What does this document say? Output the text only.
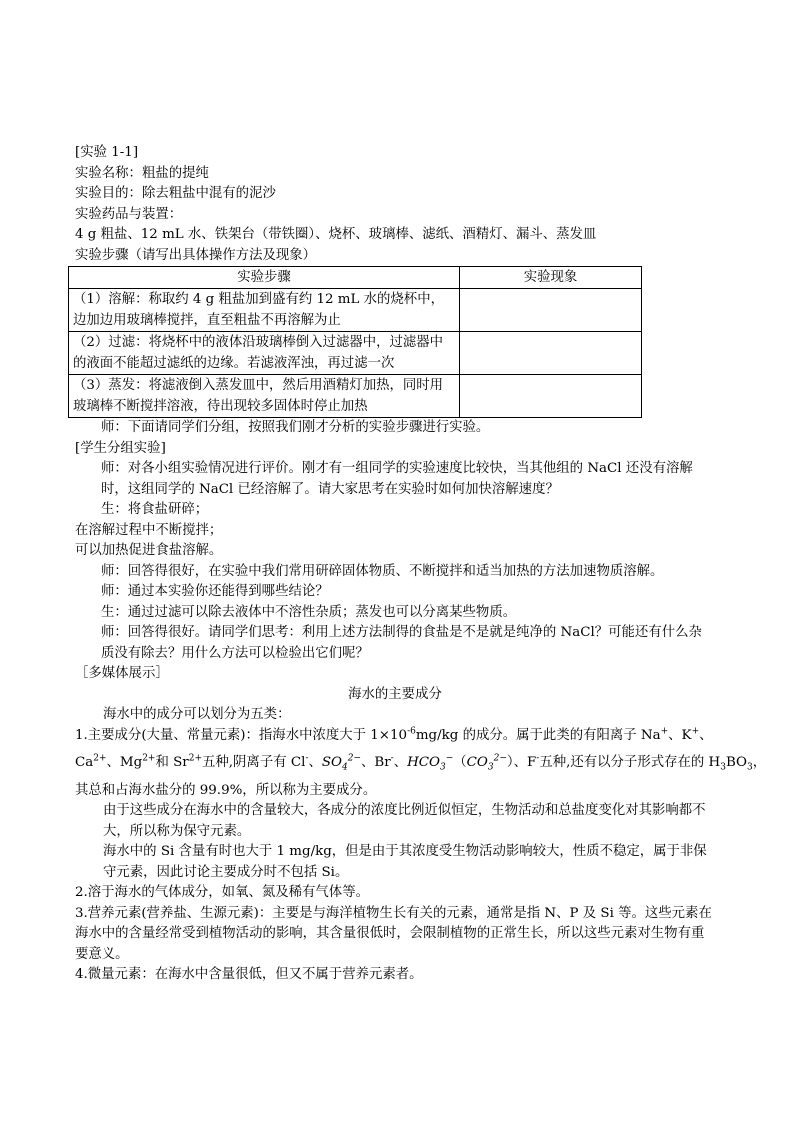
[实验 1-1]

实验名称：粗盐的提纯

实验目的：除去粗盐中混有的泥沙

实验药品与装置：

4 g 粗盐、12 mL 水、铁架台（带铁圈）、烧杯、玻璃棒、滤纸、酒精灯、漏斗、蒸发皿

实验步骤（请写出具体操作方法及现象）

实验步骤	实验现象
（1）溶解：称取约 4 g 粗盐加到盛有约 12 mL 水的烧杯中，边加边用玻璃棒搅拌，直至粗盐不再溶解为止	
（2）过滤：将烧杯中的液体沿玻璃棒倒入过滤器中，过滤器中的液面不能超过滤纸的边缘。若滤液浑浊，再过滤一次	
（3）蒸发：将滤液倒入蒸发皿中，然后用酒精灯加热，同时用玻璃棒不断搅拌溶液，待出现较多固体时停止加热	

师：下面请同学们分组，按照我们刚才分析的实验步骤进行实验。

[学生分组实验]

师：对各小组实验情况进行评价。刚才有一组同学的实验速度比较快，当其他组的 NaCl 还没有溶解时，这组同学的 NaCl 已经溶解了。请大家思考在实验时如何加快溶解速度？

生：将食盐研碎；

在溶解过程中不断搅拌；

可以加热促进食盐溶解。

师：回答得很好，在实验中我们常用研碎固体物质、不断搅拌和适当加热的方法加速物质溶解。

师：通过本实验你还能得到哪些结论？

生：通过过滤可以除去液体中不溶性杂质；蒸发也可以分离某些物质。

师：回答得很好。请同学们思考：利用上述方法制得的食盐是不是就是纯净的 NaCl？可能还有什么杂质没有除去？用什么方法可以检验出它们呢？

［多媒体展示］

海水的主要成分

海水中的成分可以划分为五类：

1.主要成分(大量、常量元素)：指海水中浓度大于 $1\times 10^{-6}mg/kg$ 的成分。属于此类的有阳离子 Na+、K+、

$Ca^{2+}$、$Mg^{2+}$和 $Sr^{2+}$五种,阴离子有 Cl-、$SO_4^{2-}$、Br-、$HCO_3^-(CO_3^{2-})$、F-五种,还有以分子形式存在的 $H_3BO_3$，

其总和占海水盐分的 99.9%，所以称为主要成分。

由于这些成分在海水中的含量较大，各成分的浓度比例近似恒定，生物活动和总盐度变化对其影响都不大，所以称为保守元素。

海水中的 Si 含量有时也大于 1 mg/kg，但是由于其浓度受生物活动影响较大，性质不稳定，属于非保守元素，因此讨论主要成分时不包括 Si。

2.溶于海水的气体成分，如氧、氮及稀有气体等。

3.营养元素(营养盐、生源元素)：主要是与海洋植物生长有关的元素，通常是指 N、P 及 Si 等。这些元素在海水中的含量经常受到植物活动的影响，其含量很低时，会限制植物的正常生长，所以这些元素对生物有重要意义。

4.微量元素：在海水中含量很低，但又不属于营养元素者。
